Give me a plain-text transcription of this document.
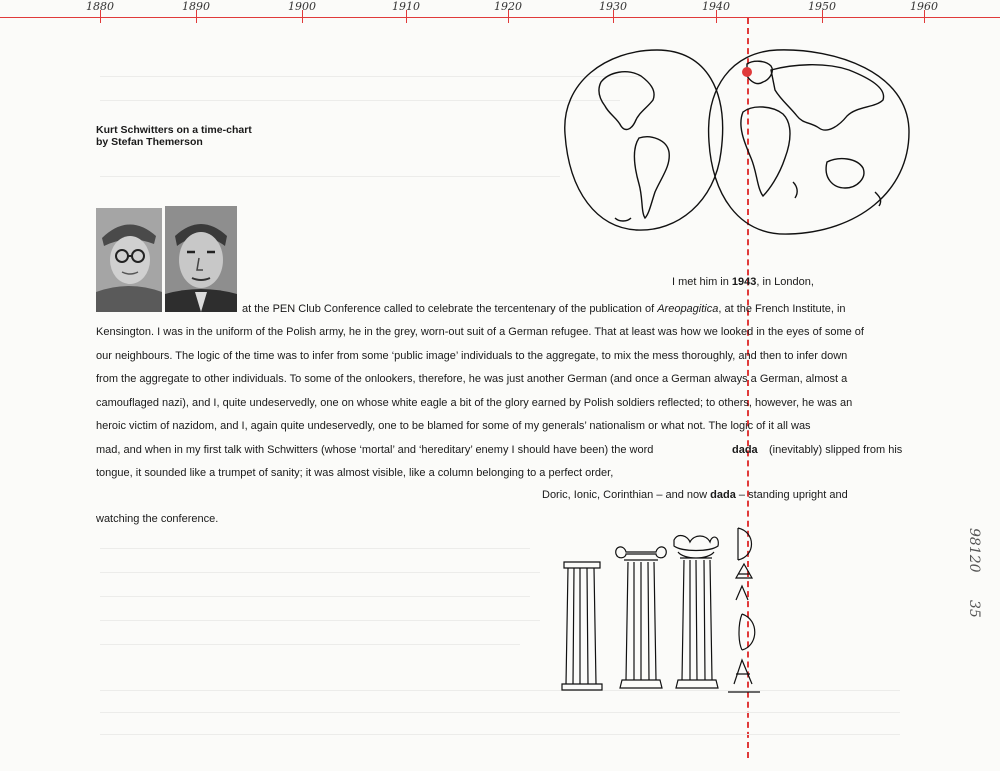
1880	1890	1900	1910	1920	1930	1940	1950	1960
Kurt Schwitters on a time-chart
by Stefan Themerson
I met him in 1943, in London,
at the PEN Club Conference called to celebrate the tercentenary of the publication of Areopagitica, at the French Institute, in
Kensington. I was in the uniform of the Polish army, he in the grey, worn-out suit of a German refugee. That at least was how we looked in the eyes of some of
our neighbours. The logic of the time was to infer from some ‘public image’ individuals to the aggregate, to mix the mess thoroughly, and then to infer down
from the aggregate to other individuals. To some of the onlookers, therefore, he was just another German (and once a German always a German, almost a
camouflaged nazi), and I, quite undeservedly, one on whose white eagle a bit of the glory earned by Polish soldiers reflected; to others, however, he was an
heroic victim of nazidom, and I, again quite undeservedly, one to be blamed for some of my generals’ nationalism or what not. The logic of it all was
mad, and when in my first talk with Schwitters (whose ‘mortal’ and ‘hereditary’ enemy I should have been) the word	dada (inevitably) slipped from his
tongue, it sounded like a trumpet of sanity; it was almost visible, like a column belonging to a perfect order,
Doric, Ionic, Corinthian – and now dada – standing upright and
watching the conference.
98120
35
